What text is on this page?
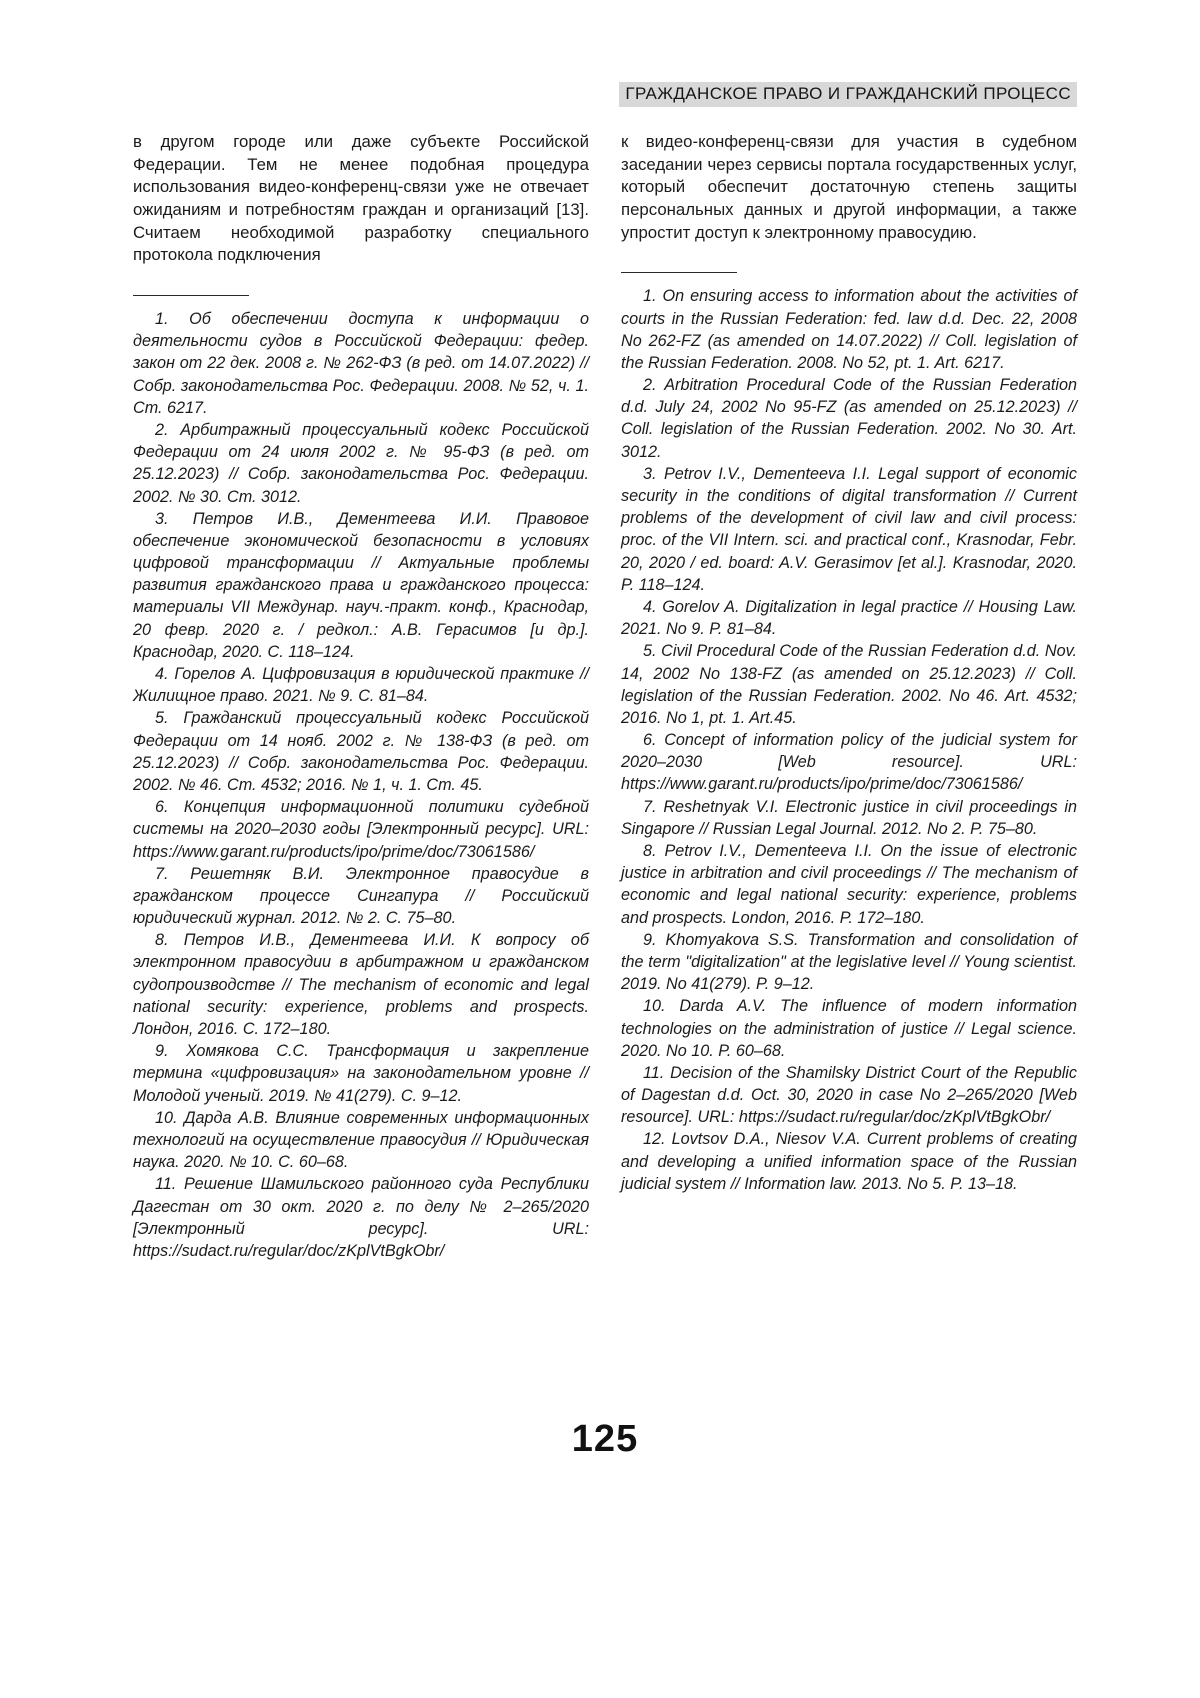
ГРАЖДАНСКОЕ ПРАВО И ГРАЖДАНСКИЙ ПРОЦЕСС

в другом городе или даже субъекте Российской Федерации. Тем не менее подобная процедура использования видео-конференц-связи уже не отвечает ожиданиям и потребностям граждан и организаций [13]. Считаем необходимой разработку специального протокола подключения

1. Об обеспечении доступа к информации о деятельности судов в Российской Федерации: федер. закон от 22 дек. 2008 г. № 262-ФЗ (в ред. от 14.07.2022) // Собр. законодательства Рос. Федерации. 2008. № 52, ч. 1. Ст. 6217.

2. Арбитражный процессуальный кодекс Российской Федерации от 24 июля 2002 г. № 95-ФЗ (в ред. от 25.12.2023) // Собр. законодательства Рос. Федерации. 2002. № 30. Ст. 3012.

3. Петров И.В., Дементеева И.И. Правовое обеспечение экономической безопасности в условиях цифровой трансформации // Актуальные проблемы развития гражданского права и гражданского процесса: материалы VII Междунар. науч.-практ. конф., Краснодар, 20 февр. 2020 г. / редкол.: А.В. Герасимов [и др.]. Краснодар, 2020. С. 118–124.

4. Горелов А. Цифровизация в юридической практике // Жилищное право. 2021. № 9. С. 81–84.

5. Гражданский процессуальный кодекс Российской Федерации от 14 нояб. 2002 г. № 138-ФЗ (в ред. от 25.12.2023) // Собр. законодательства Рос. Федерации. 2002. № 46. Ст. 4532; 2016. № 1, ч. 1. Ст. 45.

6. Концепция информационной политики судебной системы на 2020–2030 годы [Электронный ресурс]. URL: https://www.garant.ru/products/ipo/prime/doc/73061586/

7. Решетняк В.И. Электронное правосудие в гражданском процессе Сингапура // Российский юридический журнал. 2012. № 2. С. 75–80.

8. Петров И.В., Дементеева И.И. К вопросу об электронном правосудии в арбитражном и гражданском судопроизводстве // The mechanism of economic and legal national security: experience, problems and prospects. Лондон, 2016. С. 172–180.

9. Хомякова С.С. Трансформация и закрепление термина «цифровизация» на законодательном уровне // Молодой ученый. 2019. № 41(279). С. 9–12.

10. Дарда А.В. Влияние современных информационных технологий на осуществление правосудия // Юридическая наука. 2020. № 10. С. 60–68.

11. Решение Шамильского районного суда Республики Дагестан от 30 окт. 2020 г. по делу № 2–265/2020 [Электронный ресурс]. URL: https://sudact.ru/regular/doc/zKplVtBgkObr/

к видео-конференц-связи для участия в судебном заседании через сервисы портала государственных услуг, который обеспечит достаточную степень защиты персональных данных и другой информации, а также упростит доступ к электронному правосудию.

1. On ensuring access to information about the activities of courts in the Russian Federation: fed. law d.d. Dec. 22, 2008 No 262-FZ (as amended on 14.07.2022) // Coll. legislation of the Russian Federation. 2008. No 52, pt. 1. Art. 6217.

2. Arbitration Procedural Code of the Russian Federation d.d. July 24, 2002 No 95-FZ (as amended on 25.12.2023) // Coll. legislation of the Russian Federation. 2002. No 30. Art. 3012.

3. Petrov I.V., Dementeeva I.I. Legal support of economic security in the conditions of digital transformation // Current problems of the development of civil law and civil process: proc. of the VII Intern. sci. and practical conf., Krasnodar, Febr. 20, 2020 / ed. board: A.V. Gerasimov [et al.]. Krasnodar, 2020. P. 118–124.

4. Gorelov A. Digitalization in legal practice // Housing Law. 2021. No 9. P. 81–84.

5. Civil Procedural Code of the Russian Federation d.d. Nov. 14, 2002 No 138-FZ (as amended on 25.12.2023) // Coll. legislation of the Russian Federation. 2002. No 46. Art. 4532; 2016. No 1, pt. 1. Art.45.

6. Concept of information policy of the judicial system for 2020–2030 [Web resource]. URL: https://www.garant.ru/products/ipo/prime/doc/73061586/

7. Reshetnyak V.I. Electronic justice in civil proceedings in Singapore // Russian Legal Journal. 2012. No 2. P. 75–80.

8. Petrov I.V., Dementeeva I.I. On the issue of electronic justice in arbitration and civil proceedings // The mechanism of economic and legal national security: experience, problems and prospects. London, 2016. P. 172–180.

9. Khomyakova S.S. Transformation and consolidation of the term "digitalization" at the legislative level // Young scientist. 2019. No 41(279). P. 9–12.

10. Darda A.V. The influence of modern information technologies on the administration of justice // Legal science. 2020. No 10. P. 60–68.

11. Decision of the Shamilsky District Court of the Republic of Dagestan d.d. Oct. 30, 2020 in case No 2–265/2020 [Web resource]. URL: https://sudact.ru/regular/doc/zKplVtBgkObr/

12. Lovtsov D.A., Niesov V.A. Current problems of creating and developing a unified information space of the Russian judicial system // Information law. 2013. No 5. P. 13–18.

125
